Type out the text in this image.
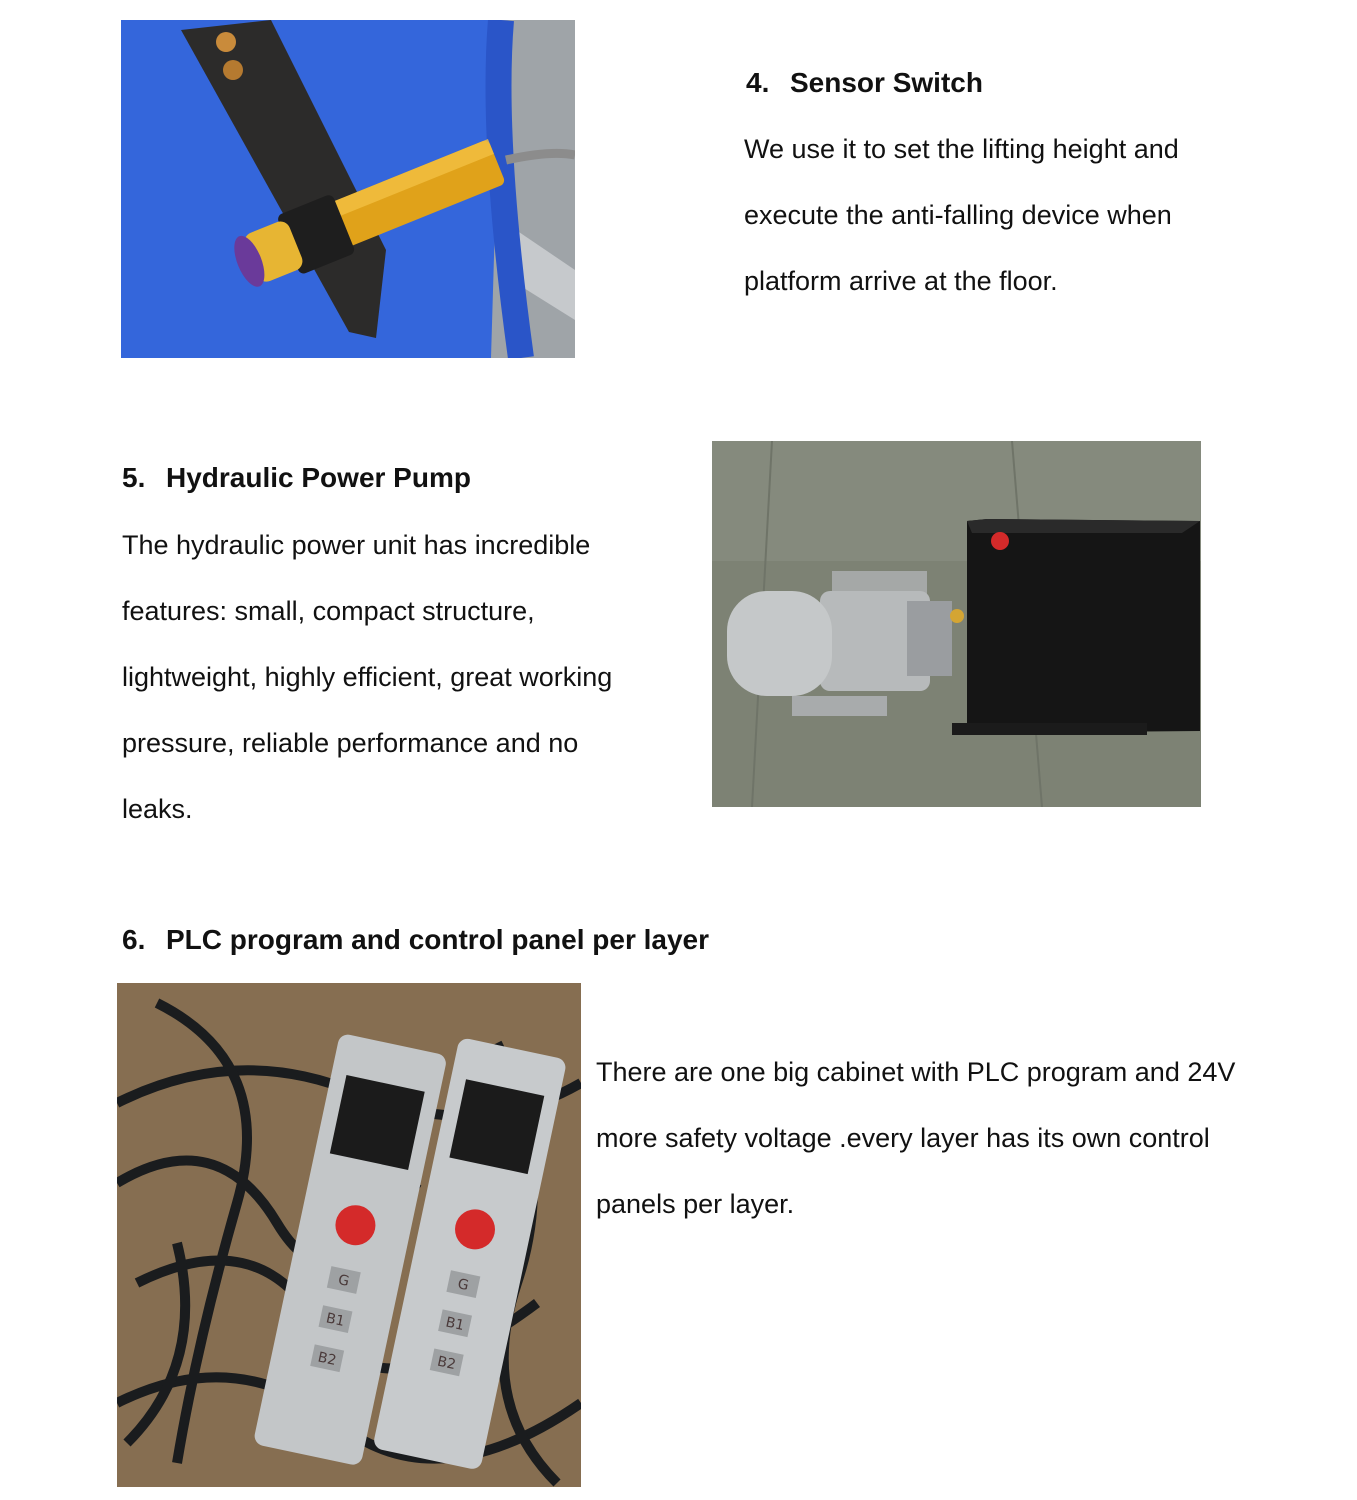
4. Sensor Switch
We use it to set the lifting height and
execute the anti-falling device when
platform arrive at the floor.
5. Hydraulic Power Pump
The hydraulic power unit has incredible
features: small, compact structure,
lightweight, highly efficient, great working
pressure, reliable performance and no
leaks.
6. PLC program and control panel per layer
G
B1
B2
G
B1
B2
There are one big cabinet with PLC program and 24V
more safety voltage .every layer has its own control
panels per layer.
